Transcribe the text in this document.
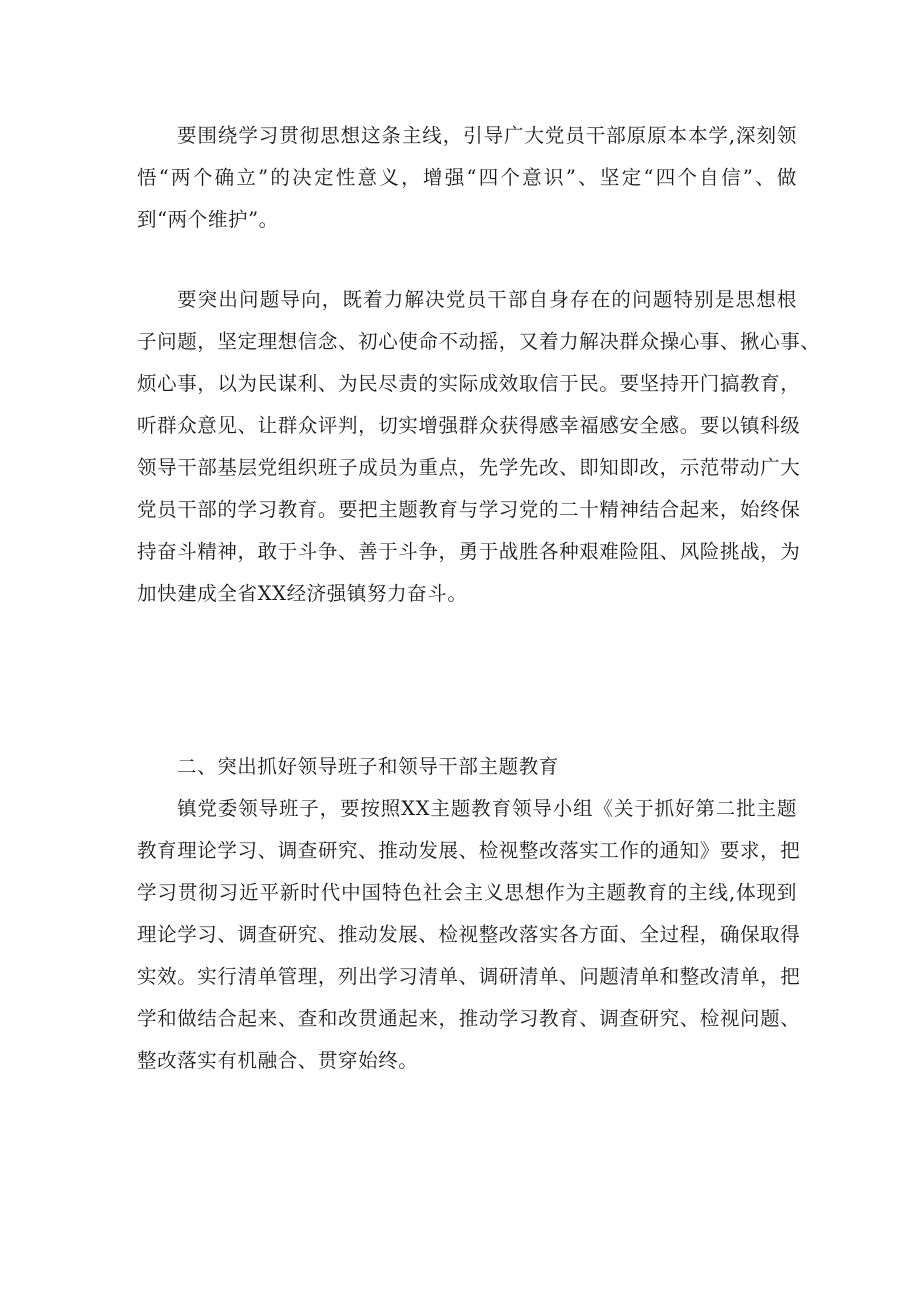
要围绕学习贯彻思想这条主线，引导广大党员干部原原本本学,深刻领
悟“两个确立”的决定性意义，增强“四个意识”、坚定“四个自信”、做
到“两个维护”。
要突出问题导向，既着力解决党员干部自身存在的问题特别是思想根
子问题，坚定理想信念、初心使命不动摇，又着力解决群众操心事、揪心事、
烦心事，以为民谋利、为民尽责的实际成效取信于民。要坚持开门搞教育，
听群众意见、让群众评判，切实增强群众获得感幸福感安全感。要以镇科级
领导干部基层党组织班子成员为重点，先学先改、即知即改，示范带动广大
党员干部的学习教育。要把主题教育与学习党的二十精神结合起来，始终保
持奋斗精神，敢于斗争、善于斗争，勇于战胜各种艰难险阻、风险挑战，为
加快建成全省XX经济强镇努力奋斗。
二、突出抓好领导班子和领导干部主题教育
镇党委领导班子，要按照XX主题教育领导小组《关于抓好第二批主题
教育理论学习、调查研究、推动发展、检视整改落实工作的通知》要求，把
学习贯彻习近平新时代中国特色社会主义思想作为主题教育的主线,体现到
理论学习、调查研究、推动发展、检视整改落实各方面、全过程，确保取得
实效。实行清单管理，列出学习清单、调研清单、问题清单和整改清单，把
学和做结合起来、查和改贯通起来，推动学习教育、调查研究、检视问题、
整改落实有机融合、贯穿始终。
